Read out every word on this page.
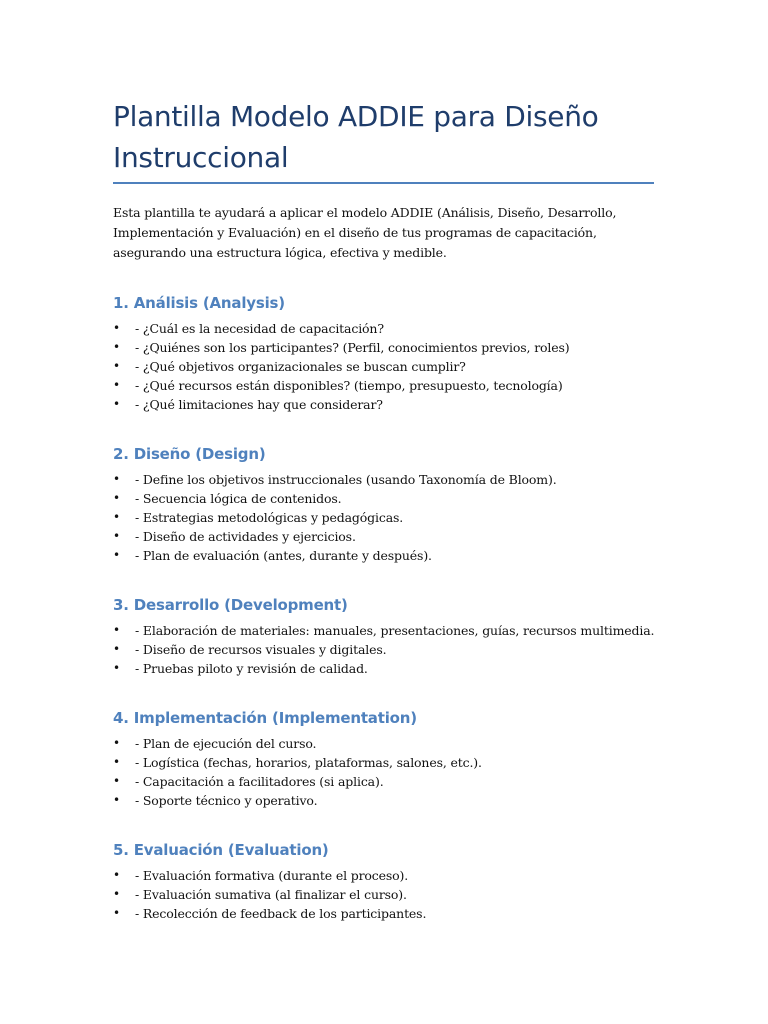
Plantilla Modelo ADDIE para Diseño Instruccional

Esta plantilla te ayudará a aplicar el modelo ADDIE (Análisis, Diseño, Desarrollo, Implementación y Evaluación) en el diseño de tus programas de capacitación, asegurando una estructura lógica, efectiva y medible.

1. Análisis (Analysis)
• - ¿Cuál es la necesidad de capacitación?
• - ¿Quiénes son los participantes? (Perfil, conocimientos previos, roles)
• - ¿Qué objetivos organizacionales se buscan cumplir?
• - ¿Qué recursos están disponibles? (tiempo, presupuesto, tecnología)
• - ¿Qué limitaciones hay que considerar?
2. Diseño (Design)
• - Define los objetivos instruccionales (usando Taxonomía de Bloom).
• - Secuencia lógica de contenidos.
• - Estrategias metodológicas y pedagógicas.
• - Diseño de actividades y ejercicios.
• - Plan de evaluación (antes, durante y después).
3. Desarrollo (Development)
• - Elaboración de materiales: manuales, presentaciones, guías, recursos multimedia.
• - Diseño de recursos visuales y digitales.
• - Pruebas piloto y revisión de calidad.
4. Implementación (Implementation)
• - Plan de ejecución del curso.
• - Logística (fechas, horarios, plataformas, salones, etc.).
• - Capacitación a facilitadores (si aplica).
• - Soporte técnico y operativo.
5. Evaluación (Evaluation)
• - Evaluación formativa (durante el proceso).
• - Evaluación sumativa (al finalizar el curso).
• - Recolección de feedback de los participantes.
